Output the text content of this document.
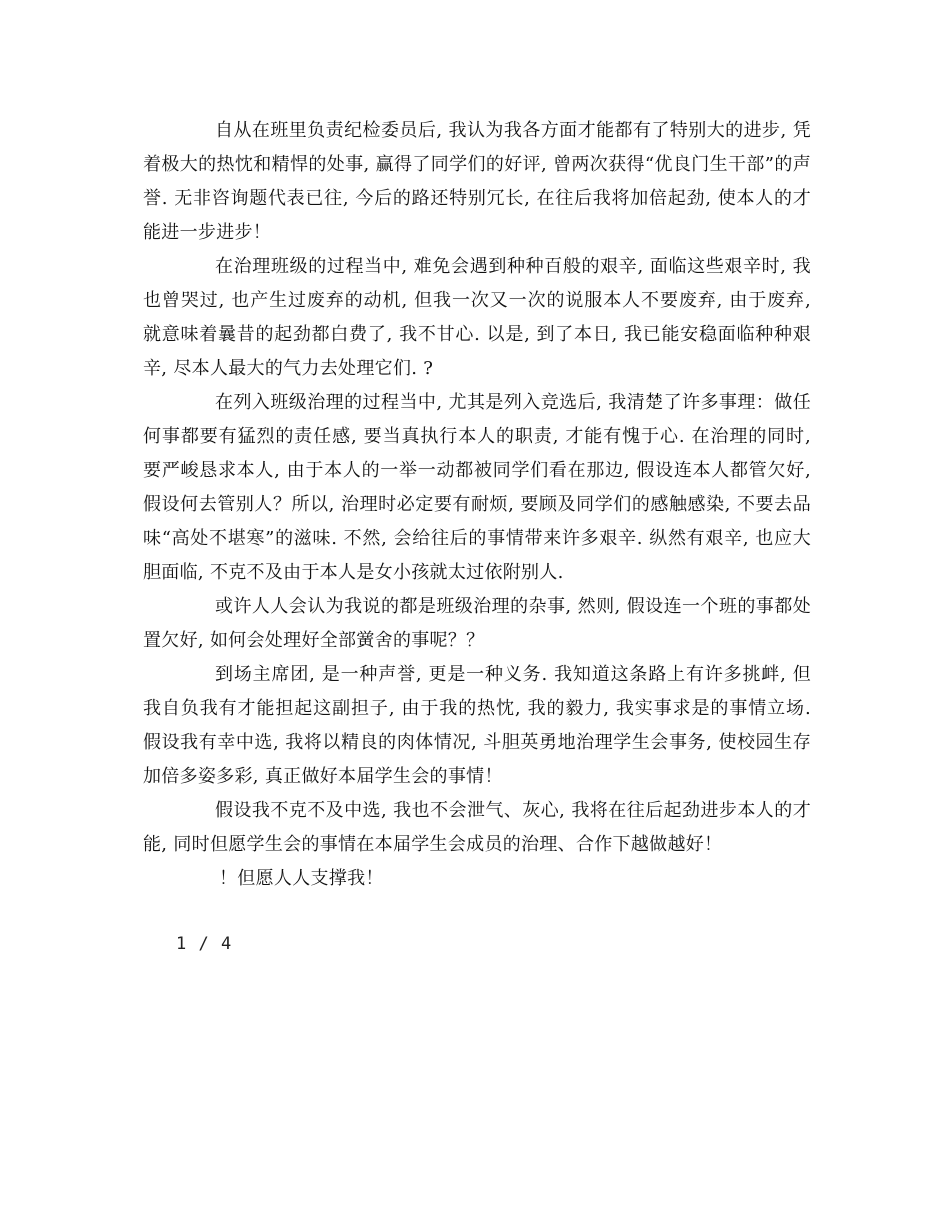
自从在班里负责纪检委员后, 我认为我各方面才能都有了特别大的进步, 凭着极大的热忱和精悍的处事, 赢得了同学们的好评, 曾两次获得“优良门生干部”的声誉. 无非咨询题代表已往, 今后的路还特别冗长, 在往后我将加倍起劲, 使本人的才能进一步进步！

在治理班级的过程当中, 难免会遇到种种百般的艰辛, 面临这些艰辛时, 我也曾哭过, 也产生过废弃的动机, 但我一次又一次的说服本人不要废弃, 由于废弃, 就意味着曩昔的起劲都白费了, 我不甘心. 以是, 到了本日, 我已能安稳面临种种艰辛, 尽本人最大的气力去处理它们. ?

在列入班级治理的过程当中, 尤其是列入竞选后, 我清楚了许多事理：做任何事都要有猛烈的责任感, 要当真执行本人的职责, 才能有愧于心. 在治理的同时, 要严峻恳求本人, 由于本人的一举一动都被同学们看在那边, 假设连本人都管欠好, 假设何去管别人？所以, 治理时必定要有耐烦, 要顾及同学们的感触感染, 不要去品味“高处不堪寒”的滋味. 不然, 会给往后的事情带来许多艰辛. 纵然有艰辛, 也应大胆面临, 不克不及由于本人是女小孩就太过依附别人.

或许人人会认为我说的都是班级治理的杂事, 然则, 假设连一个班的事都处置欠好, 如何会处理好全部黉舍的事呢？？

到场主席团, 是一种声誉, 更是一种义务. 我知道这条路上有许多挑衅, 但我自负我有才能担起这副担子, 由于我的热忱, 我的毅力, 我实事求是的事情立场. 假设我有幸中选, 我将以精良的肉体情况, 斗胆英勇地治理学生会事务, 使校园生存加倍多姿多彩, 真正做好本届学生会的事情！

假设我不克不及中选, 我也不会泄气、灰心, 我将在往后起劲进步本人的才能, 同时但愿学生会的事情在本届学生会成员的治理、合作下越做越好！

！但愿人人支撑我！

1 / 4
